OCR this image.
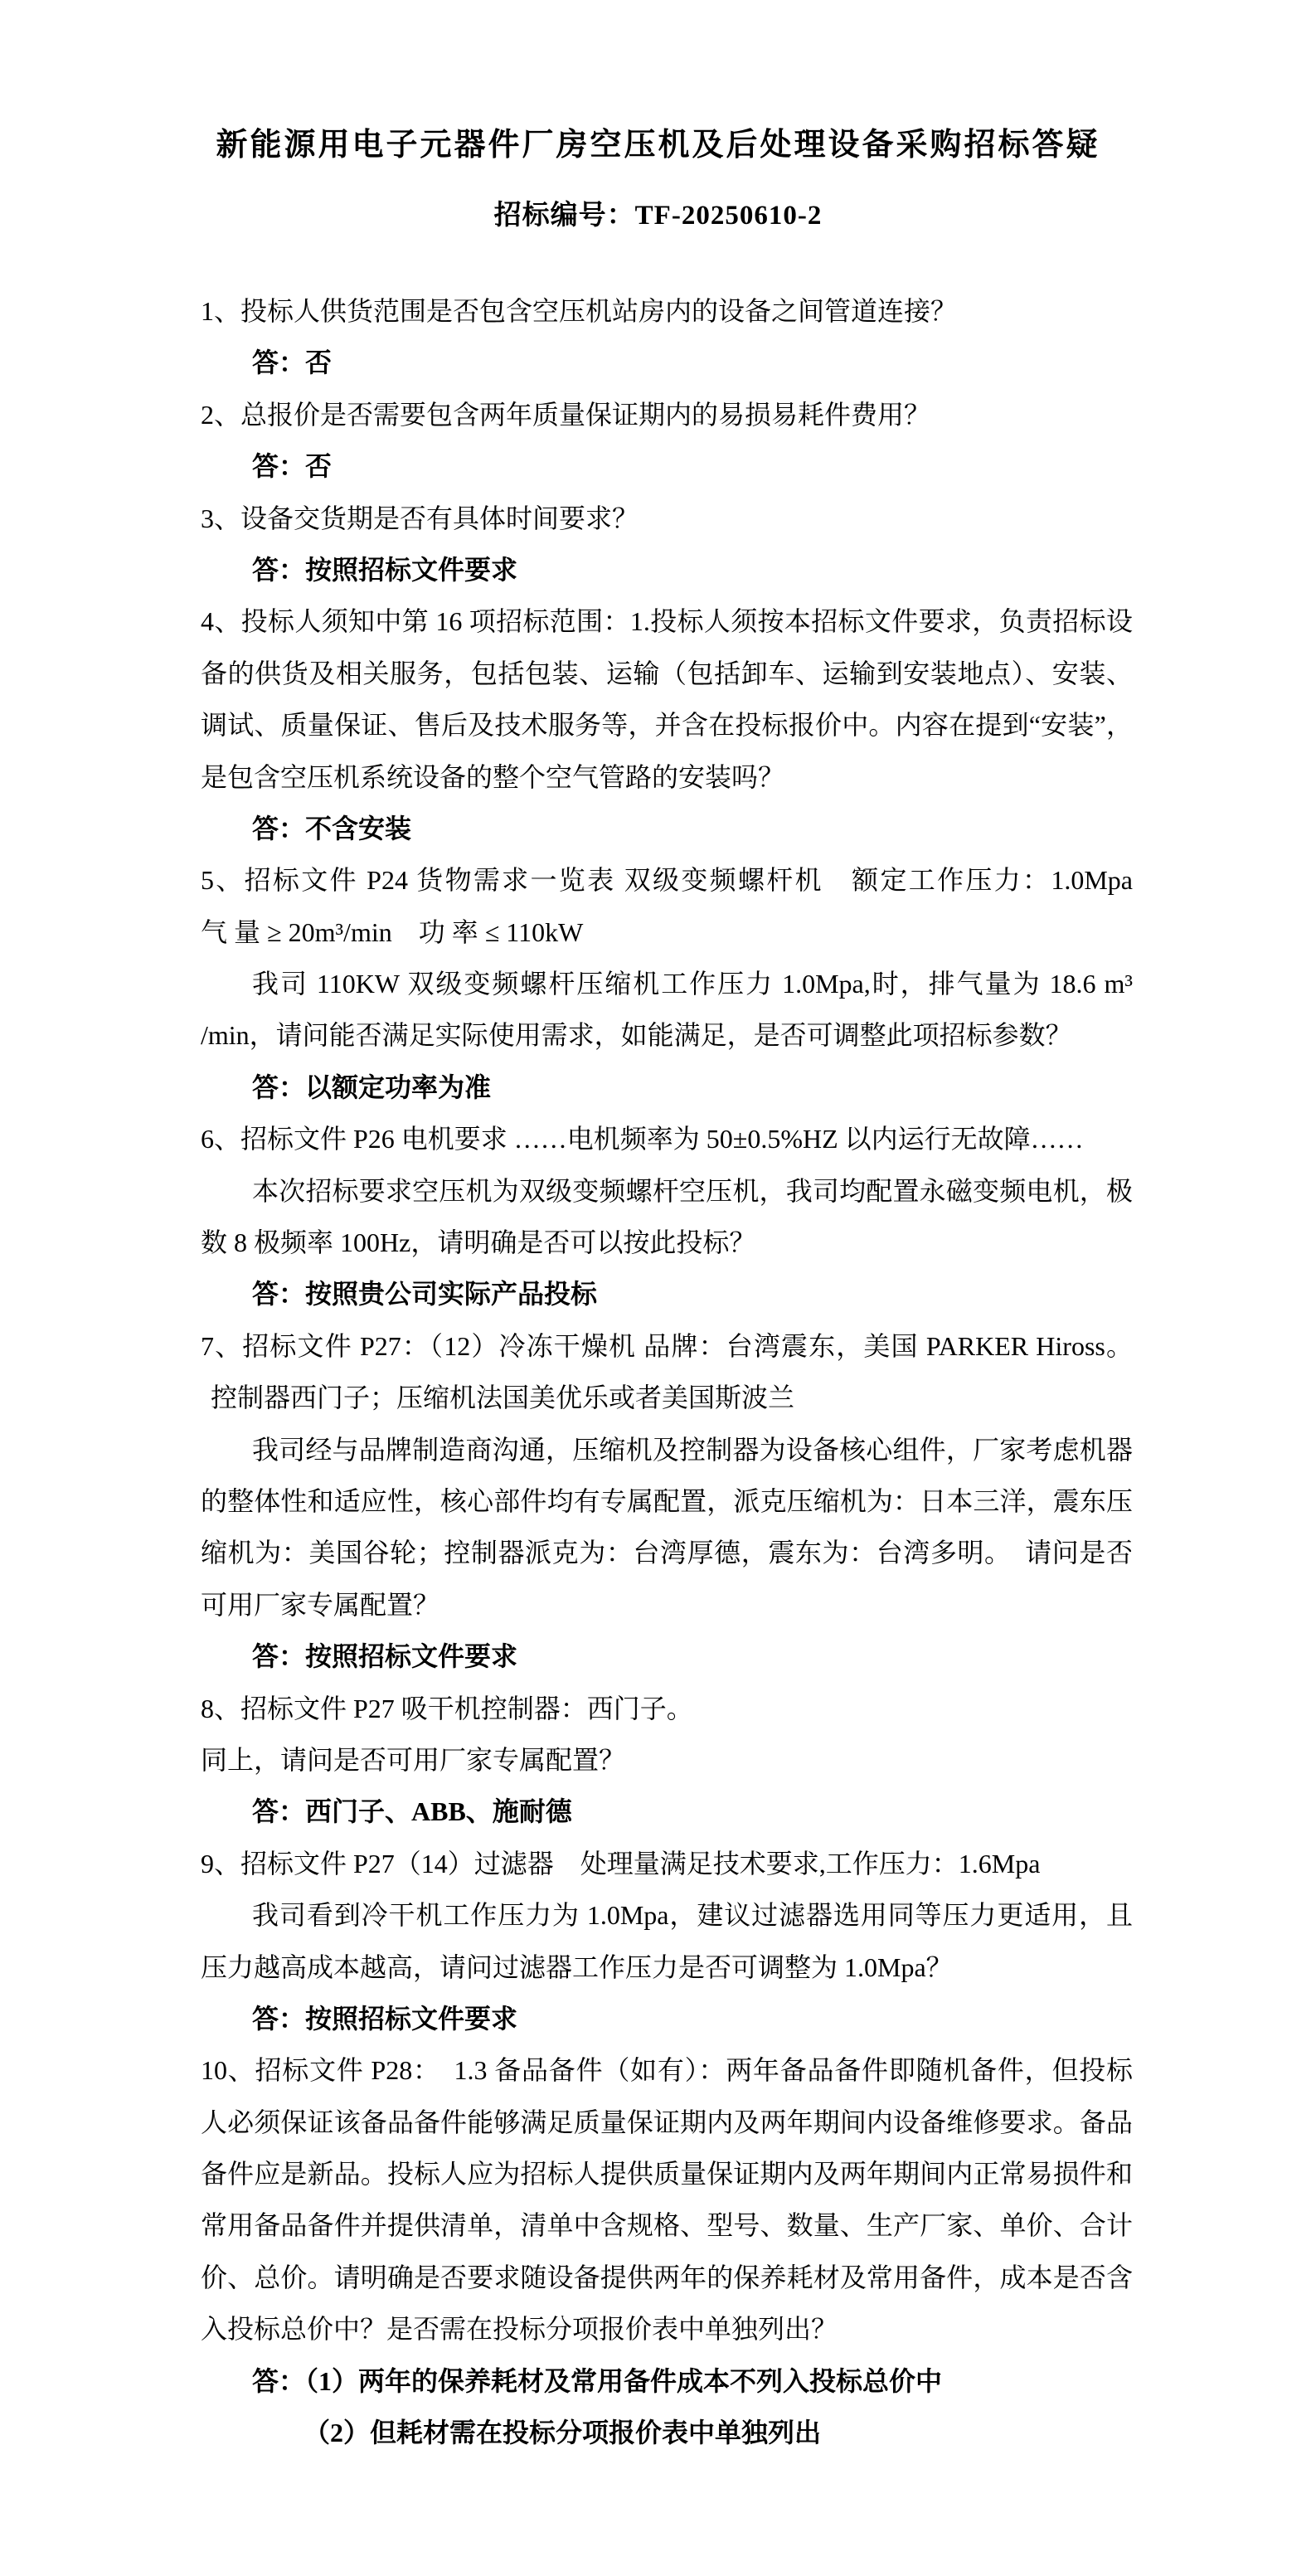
新能源用电子元器件厂房空压机及后处理设备采购招标答疑
招标编号：TF-20250610-2
1、投标人供货范围是否包含空压机站房内的设备之间管道连接？
答：否
2、总报价是否需要包含两年质量保证期内的易损易耗件费用？
答：否
3、设备交货期是否有具体时间要求？
答：按照招标文件要求
4、投标人须知中第 16 项招标范围：1.投标人须按本招标文件要求，负责招标设
备的供货及相关服务，包括包装、运输（包括卸车、运输到安装地点）、安装、
调试、质量保证、售后及技术服务等，并含在投标报价中。内容在提到“安装”，
是包含空压机系统设备的整个空气管路的安装吗？
答：不含安装
5、招标文件 P24 货物需求一览表 双级变频螺杆机　额定工作压力：1.0Mpa
气 量 ≥ 20m³/min　功 率 ≤ 110kW
我司 110KW 双级变频螺杆压缩机工作压力 1.0Mpa,时，排气量为 18.6 m³
/min，请问能否满足实际使用需求，如能满足，是否可调整此项招标参数？
答：以额定功率为准
6、招标文件 P26 电机要求 ……电机频率为 50±0.5%HZ 以内运行无故障……
本次招标要求空压机为双级变频螺杆空压机，我司均配置永磁变频电机，极
数 8 极频率 100Hz，请明确是否可以按此投标？
答：按照贵公司实际产品投标
7、招标文件 P27：（12）冷冻干燥机 品牌：台湾震东，美国 PARKER Hiross。
控制器西门子；压缩机法国美优乐或者美国斯波兰
我司经与品牌制造商沟通，压缩机及控制器为设备核心组件，厂家考虑机器
的整体性和适应性，核心部件均有专属配置，派克压缩机为：日本三洋，震东压
缩机为：美国谷轮；控制器派克为：台湾厚德，震东为：台湾多明。　请问是否
可用厂家专属配置？
答：按照招标文件要求
8、招标文件 P27 吸干机控制器：西门子。
同上，请问是否可用厂家专属配置？
答：西门子、ABB、施耐德
9、招标文件 P27（14）过滤器　处理量满足技术要求,工作压力：1.6Mpa
我司看到冷干机工作压力为 1.0Mpa，建议过滤器选用同等压力更适用，且
压力越高成本越高，请问过滤器工作压力是否可调整为 1.0Mpa？
答：按照招标文件要求
10、招标文件 P28：　1.3 备品备件（如有）：两年备品备件即随机备件，但投标
人必须保证该备品备件能够满足质量保证期内及两年期间内设备维修要求。备品
备件应是新品。投标人应为招标人提供质量保证期内及两年期间内正常易损件和
常用备品备件并提供清单，清单中含规格、型号、数量、生产厂家、单价、合计
价、总价。请明确是否要求随设备提供两年的保养耗材及常用备件，成本是否含
入投标总价中？是否需在投标分项报价表中单独列出？
答：（1）两年的保养耗材及常用备件成本不列入投标总价中
（2）但耗材需在投标分项报价表中单独列出
